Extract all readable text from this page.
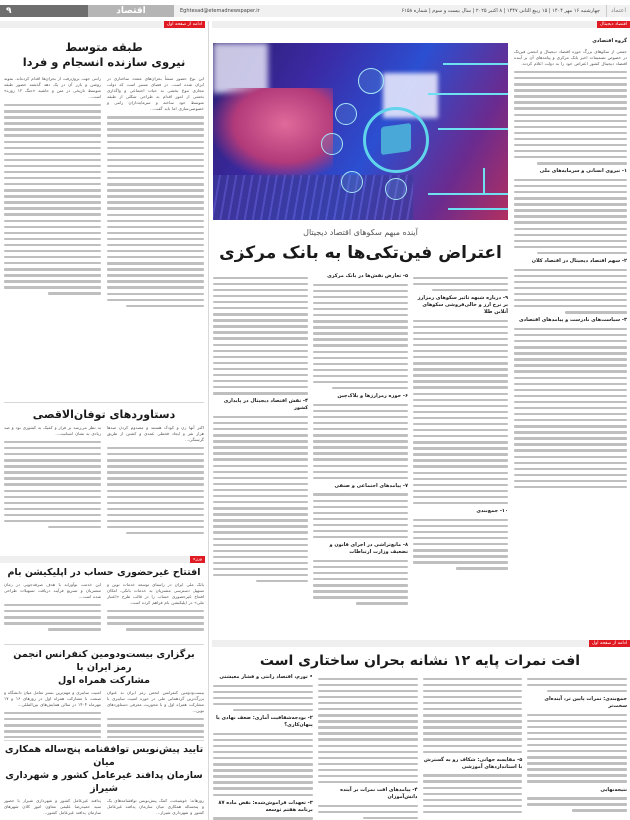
۹	اقتصاد	Eghtesad@etemadnewspaper.ir	چهارشنبه ۱۶ مهر ۱۴۰۴ | ۱۵ ربیع الثانی ۱۴۴۷ | ۸ اکتبر ۲۰۲۵ | سال بیست و سوم | شماره ۶۱۵۸	اعتماد
ادامه از صفحه اول	اقتصاد دیجیتال
طبقه متوسط
نیروی سازنده انسجام و فردا
این نوع حضور منشأ بحران‌های متعدد ساختاری در ایران شده است. در فضای مسیر است که دولت مجازی تنوع بخشی به حیات اجتماعی و واگذاری بخشی از امور اقدام به طراحی شکلی از طبقه متوسط خود ساخته و سرمایه‌داران رانتی و خصوصی‌سازی اما باید گفت...
رانتی جهت برون‌رفت از بحران‌ها اقدام کرده‌اند. نمونه روشن و بارز آن در یک دهه گذشته حضور طبقه متوسط تاریخی در متن و حاشیه «جنگ ۱۲ روزه» است...
دستاوردهای توفان‌الاقصی
اکثر آنها زن و کودک هستند و مصدوم کردن صدها هزار نفر و ایجاد قحطی عمدی و کشتن از طریق گرسنگی...
به نظر می‌رسد بر فرار و کمیک به کشوری بود و صد زیادی به نشان انسانیت...
ورزه
افتتاح غیرحضوری حساب در اپلیکیشن بام
بانک ملی ایران در راستای توسعه خدمات نوین و تسهیل دسترسی مشتریان به خدمات بانکی، امکان افتتاح غیرحضوری حساب را در قالب طرح «اعتبار ملی» در اپلیکیشن بام فراهم کرده است.
این خدمت نوآورانه با هدف صرفه‌جویی در زمان مشتریان و تسریع فرآیند دریافت تسهیلات طراحی شده است...
برگزاری بیست‌ودومین کنفرانس انجمن رمز ایران با
مشارکت همراه اول
بیست‌ودومین کنفرانس انجمن رمز ایران به عنوان بزرگ‌ترین گردهمایی ملی در حوزه امنیت سایبری با مشارکت همراه اول و با محوریت معرفی دستاوردهای نوین...
امنیت سایبری و مهم‌ترین بستر تعامل میان دانشگاه و صنعت با مشارکت همراه اول در روزهای ۱۶ و ۱۷ مهرماه ۱۴۰۴ در سالن همایش‌های بین‌المللی...
تایید پیش‌نویس توافقنامه پنج‌ساله همکاری میان
سازمان پدافند غیرعامل کشور و شهرداری شیراز
روزهانه: خوشبخت، کمک پیش‌نویس توافقنامه‌های یک و پنجساله همکاری میان سازمان پدافند غیرعامل کشور و شهرداری شیراز...
پدافند غیرعامل کشور و شهرداری شیراز با حضور سید حمیدرضا علیمی معاون امور کلان شهرهای سازمان پدافند غیرعامل کشور...
آینده مبهم سکوهای اقتصاد دیجیتال
اعتراض فین‌تکی‌ها به بانک مرکزی
۹- درباره شبهه تاثیر سکوهای رمزارز بر نرخ ارز و خالی‌فروشی سکوهای آنلاین طلا
۱۰- جمع‌بندی
۵- تعارض نقش‌ها در بانک مرکزی
۶- حوزه رمزارزها و بلاک‌چین
۷- پیامدهای اجتماعی و صنفی
۸- مانع‌تراشی در اجرای قانون و تضعیف وزارت ارتباطات
۴- نقش اقتصاد دیجیتال در پایداری کشور
گروه اقتصادی
جمعی از سکوهای بزرگ حوزه اقتصاد دیجیتال و انجمن فین‌تک در خصوص تصمیمات اخیر بانک مرکزی و پیامدهای آن بر آینده اقتصاد دیجیتال کشور اعتراض خود را به دولت اعلام کردند.
۱- نیروی انسانی و سرمایه‌های ملی
۲- سهم اقتصاد دیجیتال در اقتصاد کلان
۳- سیاست‌های نادرست و پیامدهای اقتصادی
ادامه از صفحه اول
افت نمرات پایه ۱۲ نشانه بحران ساختاری است
جمع‌بندی: نمرات پایین تر، آینده‌ای سخت‌تر
نتیجه‌نهایی
۵- مقایسه جهانی: شکاف رو به گسترش با استانداردهای آموزشی
۴- پیامدهای افت نمرات بر آینده دانش‌آموزان
• تورم، اقتصاد رانتی و فشار معیشتی
۲- بودجه‌شفافیت آماری: ضعف نهادی یا پنهان‌کاری؟
۳- تعهدات فراموش‌شده: نقض ماده ۸۷ برنامه هفتم توسعه
